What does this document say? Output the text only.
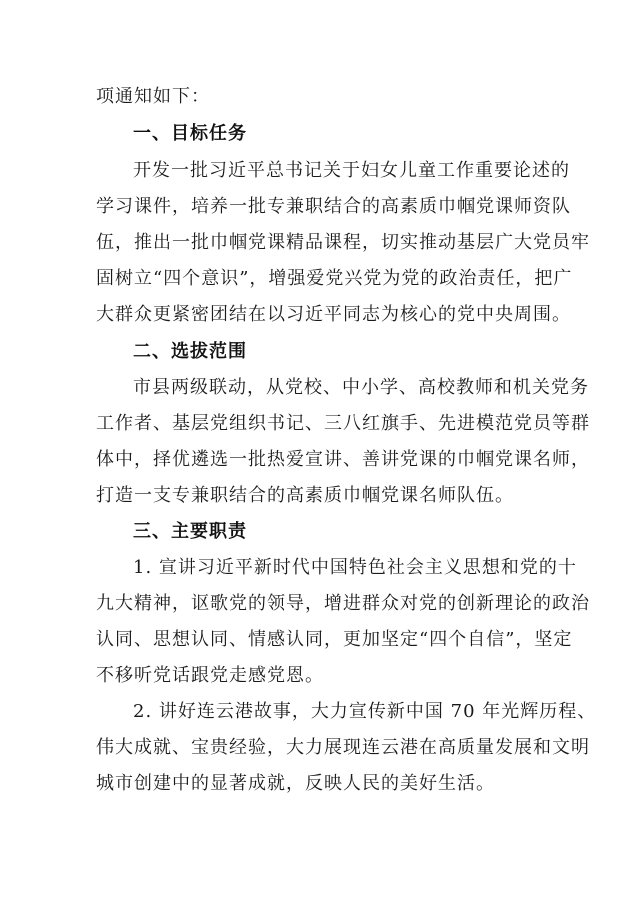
项通知如下：
一、目标任务
开发一批习近平总书记关于妇女儿童工作重要论述的
学习课件，培养一批专兼职结合的高素质巾帼党课师资队
伍，推出一批巾帼党课精品课程，切实推动基层广大党员牢
固树立“四个意识”，增强爱党兴党为党的政治责任，把广
大群众更紧密团结在以习近平同志为核心的党中央周围。
二、选拔范围
市县两级联动，从党校、中小学、高校教师和机关党务
工作者、基层党组织书记、三八红旗手、先进模范党员等群
体中，择优遴选一批热爱宣讲、善讲党课的巾帼党课名师，
打造一支专兼职结合的高素质巾帼党课名师队伍。
三、主要职责
1. 宣讲习近平新时代中国特色社会主义思想和党的十
九大精神，讴歌党的领导，增进群众对党的创新理论的政治
认同、思想认同、情感认同，更加坚定“四个自信”，坚定
不移听党话跟党走感党恩。
2. 讲好连云港故事，大力宣传新中国 70 年光辉历程、
伟大成就、宝贵经验，大力展现连云港在高质量发展和文明
城市创建中的显著成就，反映人民的美好生活。
